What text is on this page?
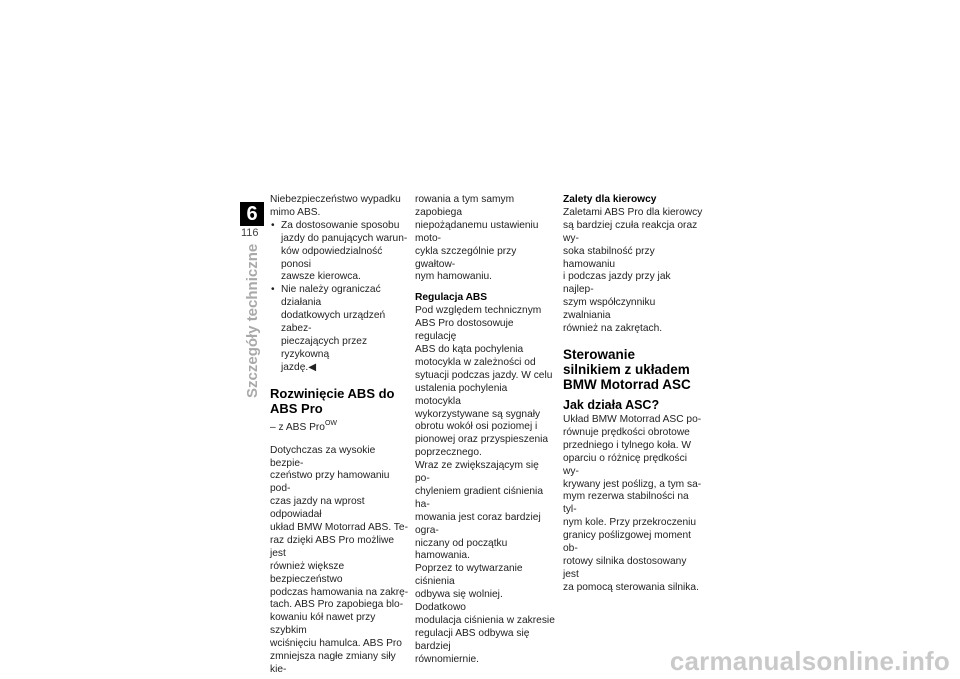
6
116
Szczegóły techniczne

Niebezpieczeństwo wypadku
mimo ABS.

• Za dostosowanie sposobu
jazdy do panujących warun-
ków odpowiedzialność ponosi
zawsze kierowca.
• Nie należy ograniczać działania
dodatkowych urządzeń zabez-
pieczających przez ryzykowną
jazdę.◀
Rozwinięcie ABS do
ABS Pro

– z ABS Pro$^{OW}$

Dotychczas za wysokie bezpie-
czeństwo przy hamowaniu pod-
czas jazdy na wprost odpowiadał
układ BMW Motorrad ABS. Te-
raz dzięki ABS Pro możliwe jest
również większe bezpieczeństwo
podczas hamowania na zakrę-
tach. ABS Pro zapobiega blo-
kowaniu kół nawet przy szybkim
wciśnięciu hamulca. ABS Pro
zmniejsza nagłe zmiany siły kie-

rowania a tym samym zapobiega
niepożądanemu ustawieniu moto-
cykla szczególnie przy gwałtow-
nym hamowaniu.

Regulacja ABS

Pod względem technicznym
ABS Pro dostosowuje regulację
ABS do kąta pochylenia
motocykla w zależności od
sytuacji podczas jazdy. W celu
ustalenia pochylenia motocykla
wykorzystywane są sygnały
obrotu wokół osi poziomej i
pionowej oraz przyspieszenia
poprzecznego.
Wraz ze zwiększającym się po-
chyleniem gradient ciśnienia ha-
mowania jest coraz bardziej ogra-
niczany od początku hamowania.
Poprzez to wytwarzanie ciśnienia
odbywa się wolniej. Dodatkowo
modulacja ciśnienia w zakresie
regulacji ABS odbywa się bardziej
równomiernie.

Zalety dla kierowcy

Zaletami ABS Pro dla kierowcy
są bardziej czuła reakcja oraz wy-
soka stabilność przy hamowaniu
i podczas jazdy przy jak najlep-
szym współczynniku zwalniania
również na zakrętach.

Sterowanie
silnikiem z układem
BMW Motorrad ASC
Jak działa ASC?

Układ BMW Motorrad ASC po-
równuje prędkości obrotowe
przedniego i tylnego koła. W
oparciu o różnicę prędkości wy-
krywany jest poślizg, a tym sa-
mym rezerwa stabilności na tyl-
nym kole. Przy przekroczeniu
granicy poślizgowej moment ob-
rotowy silnika dostosowany jest
za pomocą sterowania silnika.

carmanualsonline.info
